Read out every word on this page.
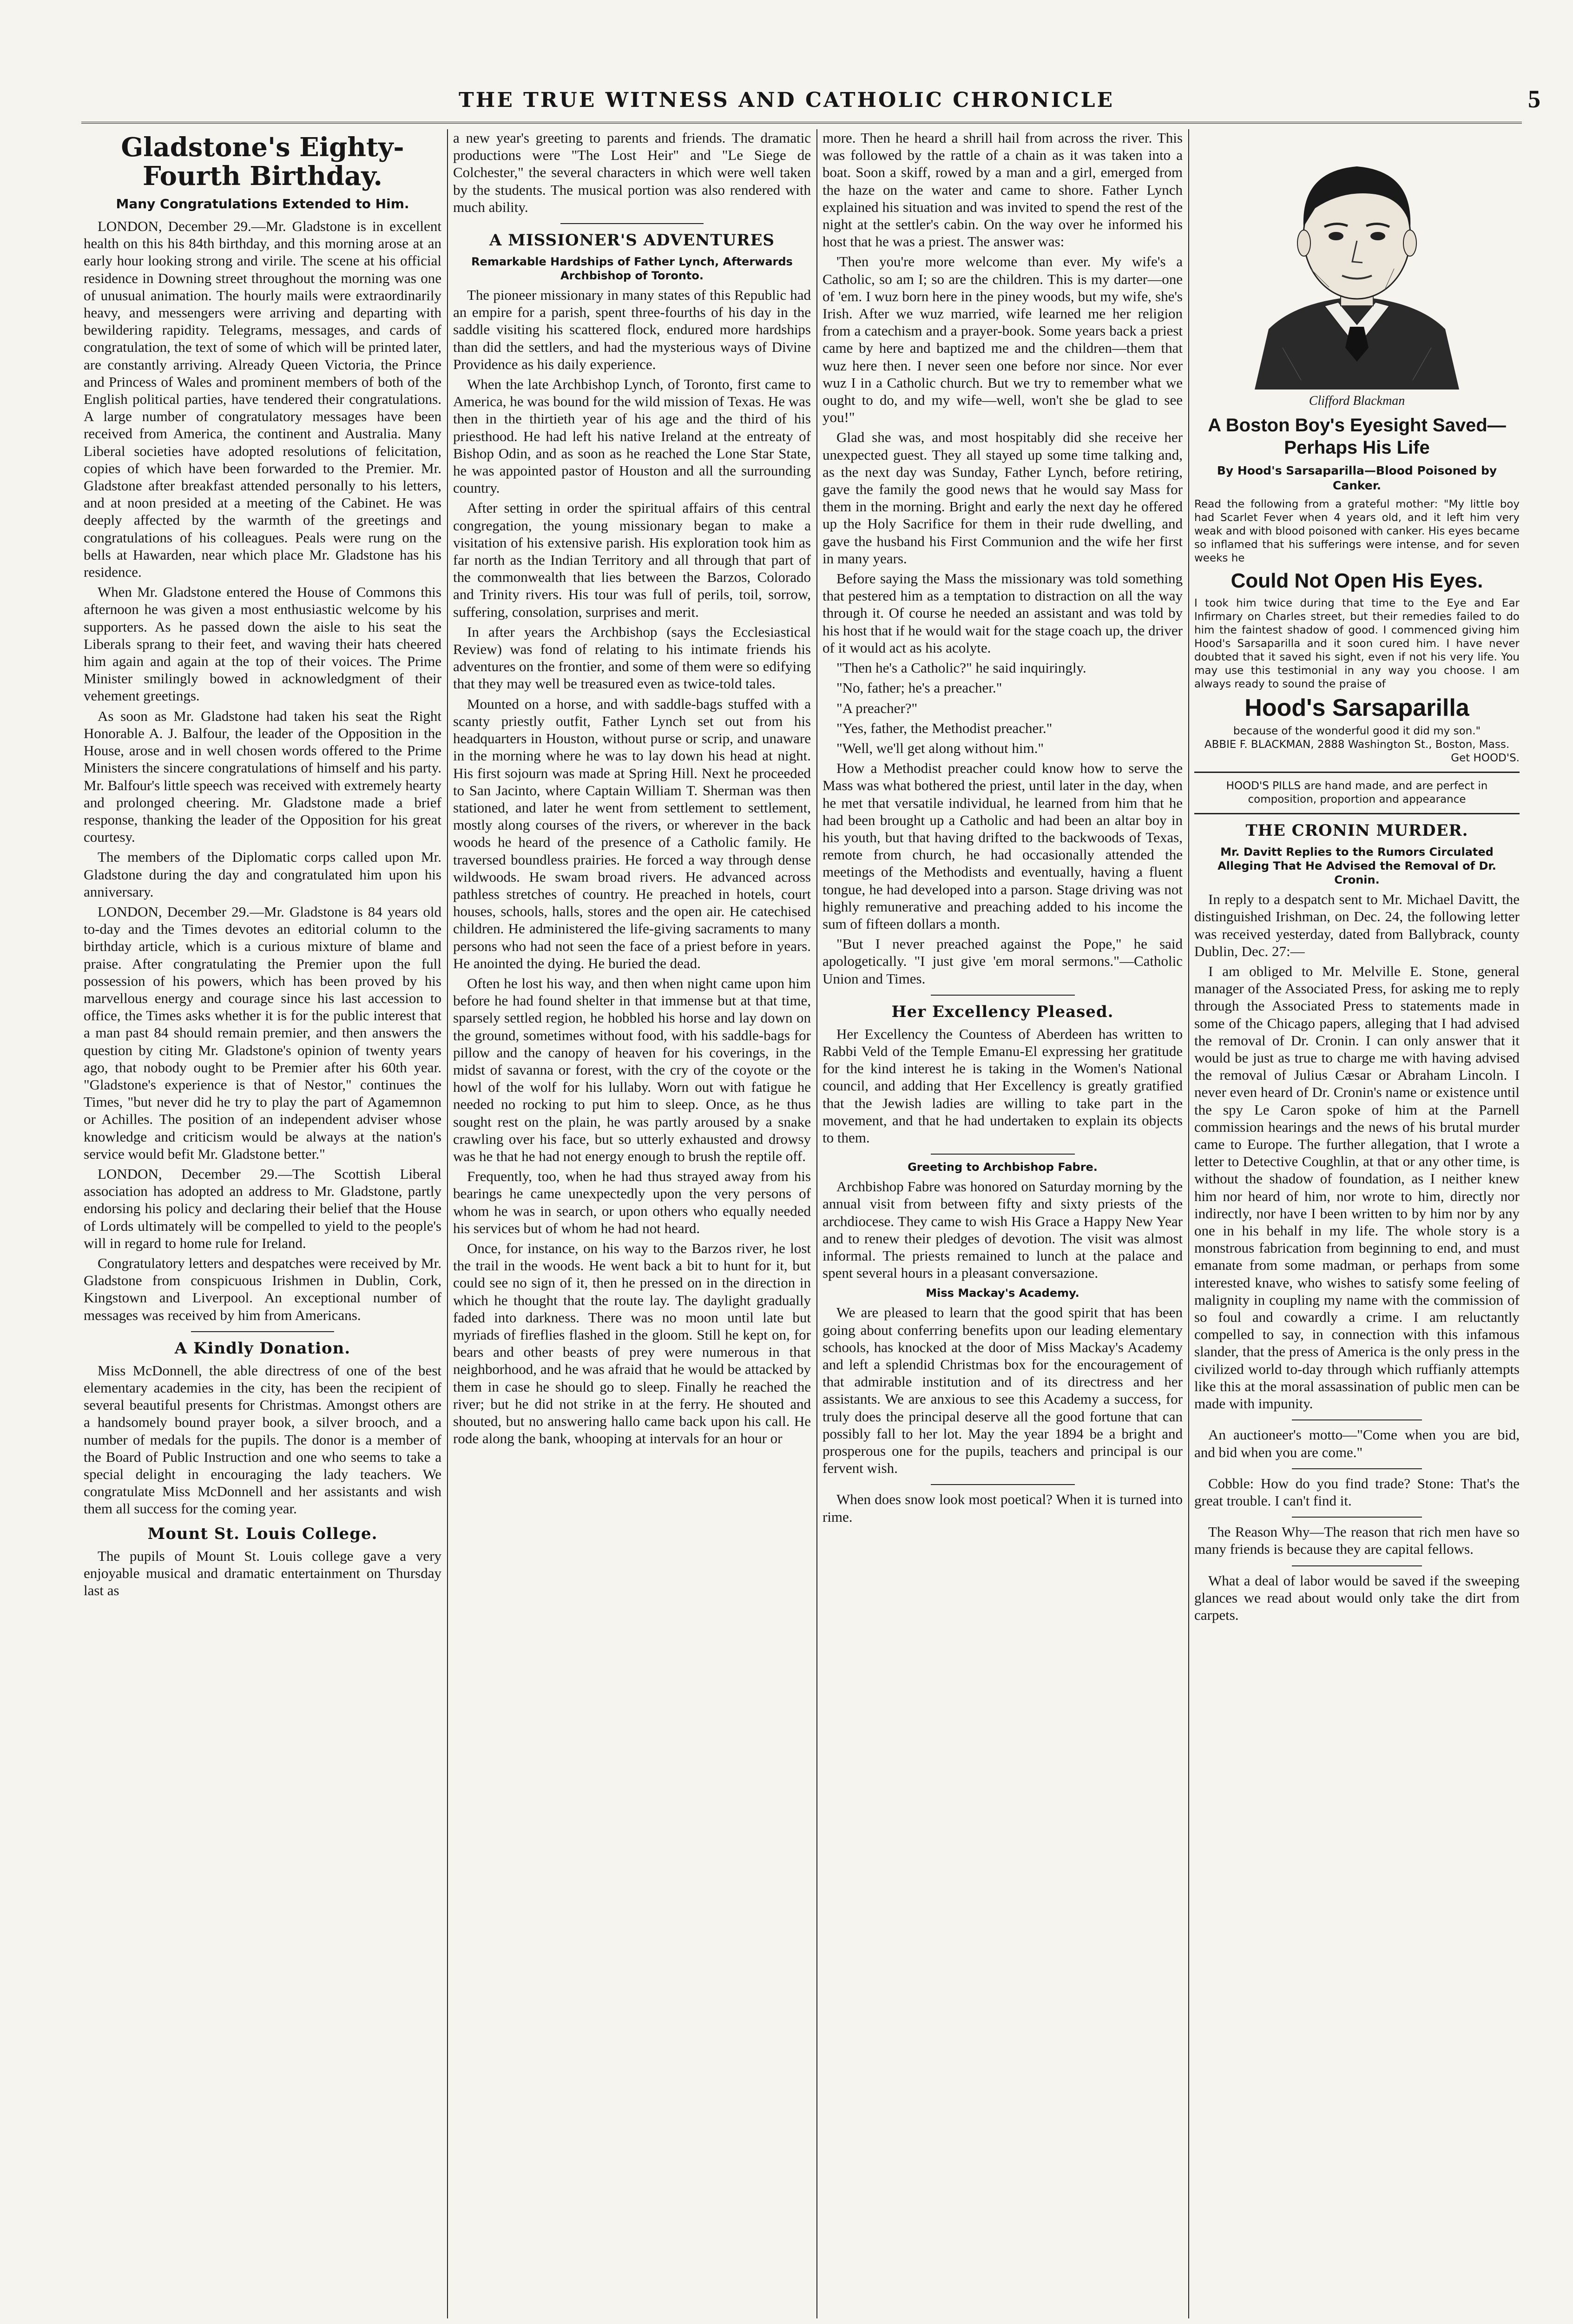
THE TRUE WITNESS AND CATHOLIC CHRONICLE	5
Gladstone's Eighty-Fourth Birthday.
Many Congratulations Extended to Him.

LONDON, December 29.—Mr. Gladstone is in excellent health on this his 84th birthday, and this morning arose at an early hour looking strong and virile. The scene at his official residence in Downing street throughout the morning was one of unusual animation. The hourly mails were extraordinarily heavy, and messengers were arriving and departing with bewildering rapidity. Telegrams, messages, and cards of congratulation, the text of some of which will be printed later, are constantly arriving. Already Queen Victoria, the Prince and Princess of Wales and prominent members of both of the English political parties, have tendered their congratulations. A large number of congratulatory messages have been received from America, the continent and Australia. Many Liberal societies have adopted resolutions of felicitation, copies of which have been forwarded to the Premier. Mr. Gladstone after breakfast attended personally to his letters, and at noon presided at a meeting of the Cabinet. He was deeply affected by the warmth of the greetings and congratulations of his colleagues. Peals were rung on the bells at Hawarden, near which place Mr. Gladstone has his residence.

When Mr. Gladstone entered the House of Commons this afternoon he was given a most enthusiastic welcome by his supporters. As he passed down the aisle to his seat the Liberals sprang to their feet, and waving their hats cheered him again and again at the top of their voices. The Prime Minister smilingly bowed in acknowledgment of their vehement greetings.

As soon as Mr. Gladstone had taken his seat the Right Honorable A. J. Balfour, the leader of the Opposition in the House, arose and in well chosen words offered to the Prime Ministers the sincere congratulations of himself and his party. Mr. Balfour's little speech was received with extremely hearty and prolonged cheering. Mr. Gladstone made a brief response, thanking the leader of the Opposition for his great courtesy.

The members of the Diplomatic corps called upon Mr. Gladstone during the day and congratulated him upon his anniversary.

LONDON, December 29.—Mr. Gladstone is 84 years old to-day and the Times devotes an editorial column to the birthday article, which is a curious mixture of blame and praise. After congratulating the Premier upon the full possession of his powers, which has been proved by his marvellous energy and courage since his last accession to office, the Times asks whether it is for the public interest that a man past 84 should remain premier, and then answers the question by citing Mr. Gladstone's opinion of twenty years ago, that nobody ought to be Premier after his 60th year. "Gladstone's experience is that of Nestor," continues the Times, "but never did he try to play the part of Agamemnon or Achilles. The position of an independent adviser whose knowledge and criticism would be always at the nation's service would befit Mr. Gladstone better."

LONDON, December 29.—The Scottish Liberal association has adopted an address to Mr. Gladstone, partly endorsing his policy and declaring their belief that the House of Lords ultimately will be compelled to yield to the people's will in regard to home rule for Ireland.

Congratulatory letters and despatches were received by Mr. Gladstone from conspicuous Irishmen in Dublin, Cork, Kingstown and Liverpool. An exceptional number of messages was received by him from Americans.

A Kindly Donation.

Miss McDonnell, the able directress of one of the best elementary academies in the city, has been the recipient of several beautiful presents for Christmas. Amongst others are a handsomely bound prayer book, a silver brooch, and a number of medals for the pupils. The donor is a member of the Board of Public Instruction and one who seems to take a special delight in encouraging the lady teachers. We congratulate Miss McDonnell and her assistants and wish them all success for the coming year.

Mount St. Louis College.

The pupils of Mount St. Louis college gave a very enjoyable musical and dramatic entertainment on Thursday last as

a new year's greeting to parents and friends. The dramatic productions were "The Lost Heir" and "Le Siege de Colchester," the several characters in which were well taken by the students. The musical portion was also rendered with much ability.

A MISSIONER'S ADVENTURES
Remarkable Hardships of Father Lynch, Afterwards Archbishop of Toronto.

The pioneer missionary in many states of this Republic had an empire for a parish, spent three-fourths of his day in the saddle visiting his scattered flock, endured more hardships than did the settlers, and had the mysterious ways of Divine Providence as his daily experience.

When the late Archbishop Lynch, of Toronto, first came to America, he was bound for the wild mission of Texas. He was then in the thirtieth year of his age and the third of his priesthood. He had left his native Ireland at the entreaty of Bishop Odin, and as soon as he reached the Lone Star State, he was appointed pastor of Houston and all the surrounding country.

After setting in order the spiritual affairs of this central congregation, the young missionary began to make a visitation of his extensive parish. His exploration took him as far north as the Indian Territory and all through that part of the commonwealth that lies between the Barzos, Colorado and Trinity rivers. His tour was full of perils, toil, sorrow, suffering, consolation, surprises and merit.

In after years the Archbishop (says the Ecclesiastical Review) was fond of relating to his intimate friends his adventures on the frontier, and some of them were so edifying that they may well be treasured even as twice-told tales.

Mounted on a horse, and with saddle-bags stuffed with a scanty priestly outfit, Father Lynch set out from his headquarters in Houston, without purse or scrip, and unaware in the morning where he was to lay down his head at night. His first sojourn was made at Spring Hill. Next he proceeded to San Jacinto, where Captain William T. Sherman was then stationed, and later he went from settlement to settlement, mostly along courses of the rivers, or wherever in the back woods he heard of the presence of a Catholic family. He traversed boundless prairies. He forced a way through dense wildwoods. He swam broad rivers. He advanced across pathless stretches of country. He preached in hotels, court houses, schools, halls, stores and the open air. He catechised children. He administered the life-giving sacraments to many persons who had not seen the face of a priest before in years. He anointed the dying. He buried the dead.

Often he lost his way, and then when night came upon him before he had found shelter in that immense but at that time, sparsely settled region, he hobbled his horse and lay down on the ground, sometimes without food, with his saddle-bags for pillow and the canopy of heaven for his coverings, in the midst of savanna or forest, with the cry of the coyote or the howl of the wolf for his lullaby. Worn out with fatigue he needed no rocking to put him to sleep. Once, as he thus sought rest on the plain, he was partly aroused by a snake crawling over his face, but so utterly exhausted and drowsy was he that he had not energy enough to brush the reptile off.

Frequently, too, when he had thus strayed away from his bearings he came unexpectedly upon the very persons of whom he was in search, or upon others who equally needed his services but of whom he had not heard.

Once, for instance, on his way to the Barzos river, he lost the trail in the woods. He went back a bit to hunt for it, but could see no sign of it, then he pressed on in the direction in which he thought that the route lay. The daylight gradually faded into darkness. There was no moon until late but myriads of fireflies flashed in the gloom. Still he kept on, for bears and other beasts of prey were numerous in that neighborhood, and he was afraid that he would be attacked by them in case he should go to sleep. Finally he reached the river; but he did not strike in at the ferry. He shouted and shouted, but no answering hallo came back upon his call. He rode along the bank, whooping at intervals for an hour or

more. Then he heard a shrill hail from across the river. This was followed by the rattle of a chain as it was taken into a boat. Soon a skiff, rowed by a man and a girl, emerged from the haze on the water and came to shore. Father Lynch explained his situation and was invited to spend the rest of the night at the settler's cabin. On the way over he informed his host that he was a priest. The answer was:

'Then you're more welcome than ever. My wife's a Catholic, so am I; so are the children. This is my darter—one of 'em. I wuz born here in the piney woods, but my wife, she's Irish. After we wuz married, wife learned me her religion from a catechism and a prayer-book. Some years back a priest came by here and baptized me and the children—them that wuz here then. I never seen one before nor since. Nor ever wuz I in a Catholic church. But we try to remember what we ought to do, and my wife—well, won't she be glad to see you!"

Glad she was, and most hospitably did she receive her unexpected guest. They all stayed up some time talking and, as the next day was Sunday, Father Lynch, before retiring, gave the family the good news that he would say Mass for them in the morning. Bright and early the next day he offered up the Holy Sacrifice for them in their rude dwelling, and gave the husband his First Communion and the wife her first in many years.

Before saying the Mass the missionary was told something that pestered him as a temptation to distraction on all the way through it. Of course he needed an assistant and was told by his host that if he would wait for the stage coach up, the driver of it would act as his acolyte.

"Then he's a Catholic?" he said inquiringly.

"No, father; he's a preacher."

"A preacher?"

"Yes, father, the Methodist preacher."

"Well, we'll get along without him."

How a Methodist preacher could know how to serve the Mass was what bothered the priest, until later in the day, when he met that versatile individual, he learned from him that he had been brought up a Catholic and had been an altar boy in his youth, but that having drifted to the backwoods of Texas, remote from church, he had occasionally attended the meetings of the Methodists and eventually, having a fluent tongue, he had developed into a parson. Stage driving was not highly remunerative and preaching added to his income the sum of fifteen dollars a month.

"But I never preached against the Pope," he said apologetically. "I just give 'em moral sermons."—Catholic Union and Times.

Her Excellency Pleased.

Her Excellency the Countess of Aberdeen has written to Rabbi Veld of the Temple Emanu-El expressing her gratitude for the kind interest he is taking in the Women's National council, and adding that Her Excellency is greatly gratified that the Jewish ladies are willing to take part in the movement, and that he had undertaken to explain its objects to them.

Greeting to Archbishop Fabre.

Archbishop Fabre was honored on Saturday morning by the annual visit from between fifty and sixty priests of the archdiocese. They came to wish His Grace a Happy New Year and to renew their pledges of devotion. The visit was almost informal. The priests remained to lunch at the palace and spent several hours in a pleasant conversazione.

Miss Mackay's Academy.

We are pleased to learn that the good spirit that has been going about conferring benefits upon our leading elementary schools, has knocked at the door of Miss Mackay's Academy and left a splendid Christmas box for the encouragement of that admirable institution and of its directress and her assistants. We are anxious to see this Academy a success, for truly does the principal deserve all the good fortune that can possibly fall to her lot. May the year 1894 be a bright and prosperous one for the pupils, teachers and principal is our fervent wish.

When does snow look most poetical? When it is turned into rime.

Clifford Blackman
A Boston Boy's Eyesight Saved—Perhaps His Life
By Hood's Sarsaparilla—Blood Poisoned by Canker.
Read the following from a grateful mother: "My little boy had Scarlet Fever when 4 years old, and it left him very weak and with blood poisoned with canker. His eyes became so inflamed that his sufferings were intense, and for seven weeks he
Could Not Open His Eyes.
I took him twice during that time to the Eye and Ear Infirmary on Charles street, but their remedies failed to do him the faintest shadow of good. I commenced giving him Hood's Sarsaparilla and it soon cured him. I have never doubted that it saved his sight, even if not his very life. You may use this testimonial in any way you choose. I am always ready to sound the praise of
Hood's Sarsaparilla
because of the wonderful good it did my son."
ABBIE F. BLACKMAN, 2888 Washington St., Boston, Mass.
Get HOOD'S.
HOOD'S PILLS are hand made, and are perfect in composition, proportion and appearance
THE CRONIN MURDER.
Mr. Davitt Replies to the Rumors Circulated Alleging That He Advised the Removal of Dr. Cronin.

In reply to a despatch sent to Mr. Michael Davitt, the distinguished Irishman, on Dec. 24, the following letter was received yesterday, dated from Ballybrack, county Dublin, Dec. 27:—

I am obliged to Mr. Melville E. Stone, general manager of the Associated Press, for asking me to reply through the Associated Press to statements made in some of the Chicago papers, alleging that I had advised the removal of Dr. Cronin. I can only answer that it would be just as true to charge me with having advised the removal of Julius Cæsar or Abraham Lincoln. I never even heard of Dr. Cronin's name or existence until the spy Le Caron spoke of him at the Parnell commission hearings and the news of his brutal murder came to Europe. The further allegation, that I wrote a letter to Detective Coughlin, at that or any other time, is without the shadow of foundation, as I neither knew him nor heard of him, nor wrote to him, directly nor indirectly, nor have I been written to by him nor by any one in his behalf in my life. The whole story is a monstrous fabrication from beginning to end, and must emanate from some madman, or perhaps from some interested knave, who wishes to satisfy some feeling of malignity in coupling my name with the commission of so foul and cowardly a crime. I am reluctantly compelled to say, in connection with this infamous slander, that the press of America is the only press in the civilized world to-day through which ruffianly attempts like this at the moral assassination of public men can be made with impunity.

An auctioneer's motto—"Come when you are bid, and bid when you are come."

Cobble: How do you find trade? Stone: That's the great trouble. I can't find it.

The Reason Why—The reason that rich men have so many friends is because they are capital fellows.

What a deal of labor would be saved if the sweeping glances we read about would only take the dirt from carpets.
